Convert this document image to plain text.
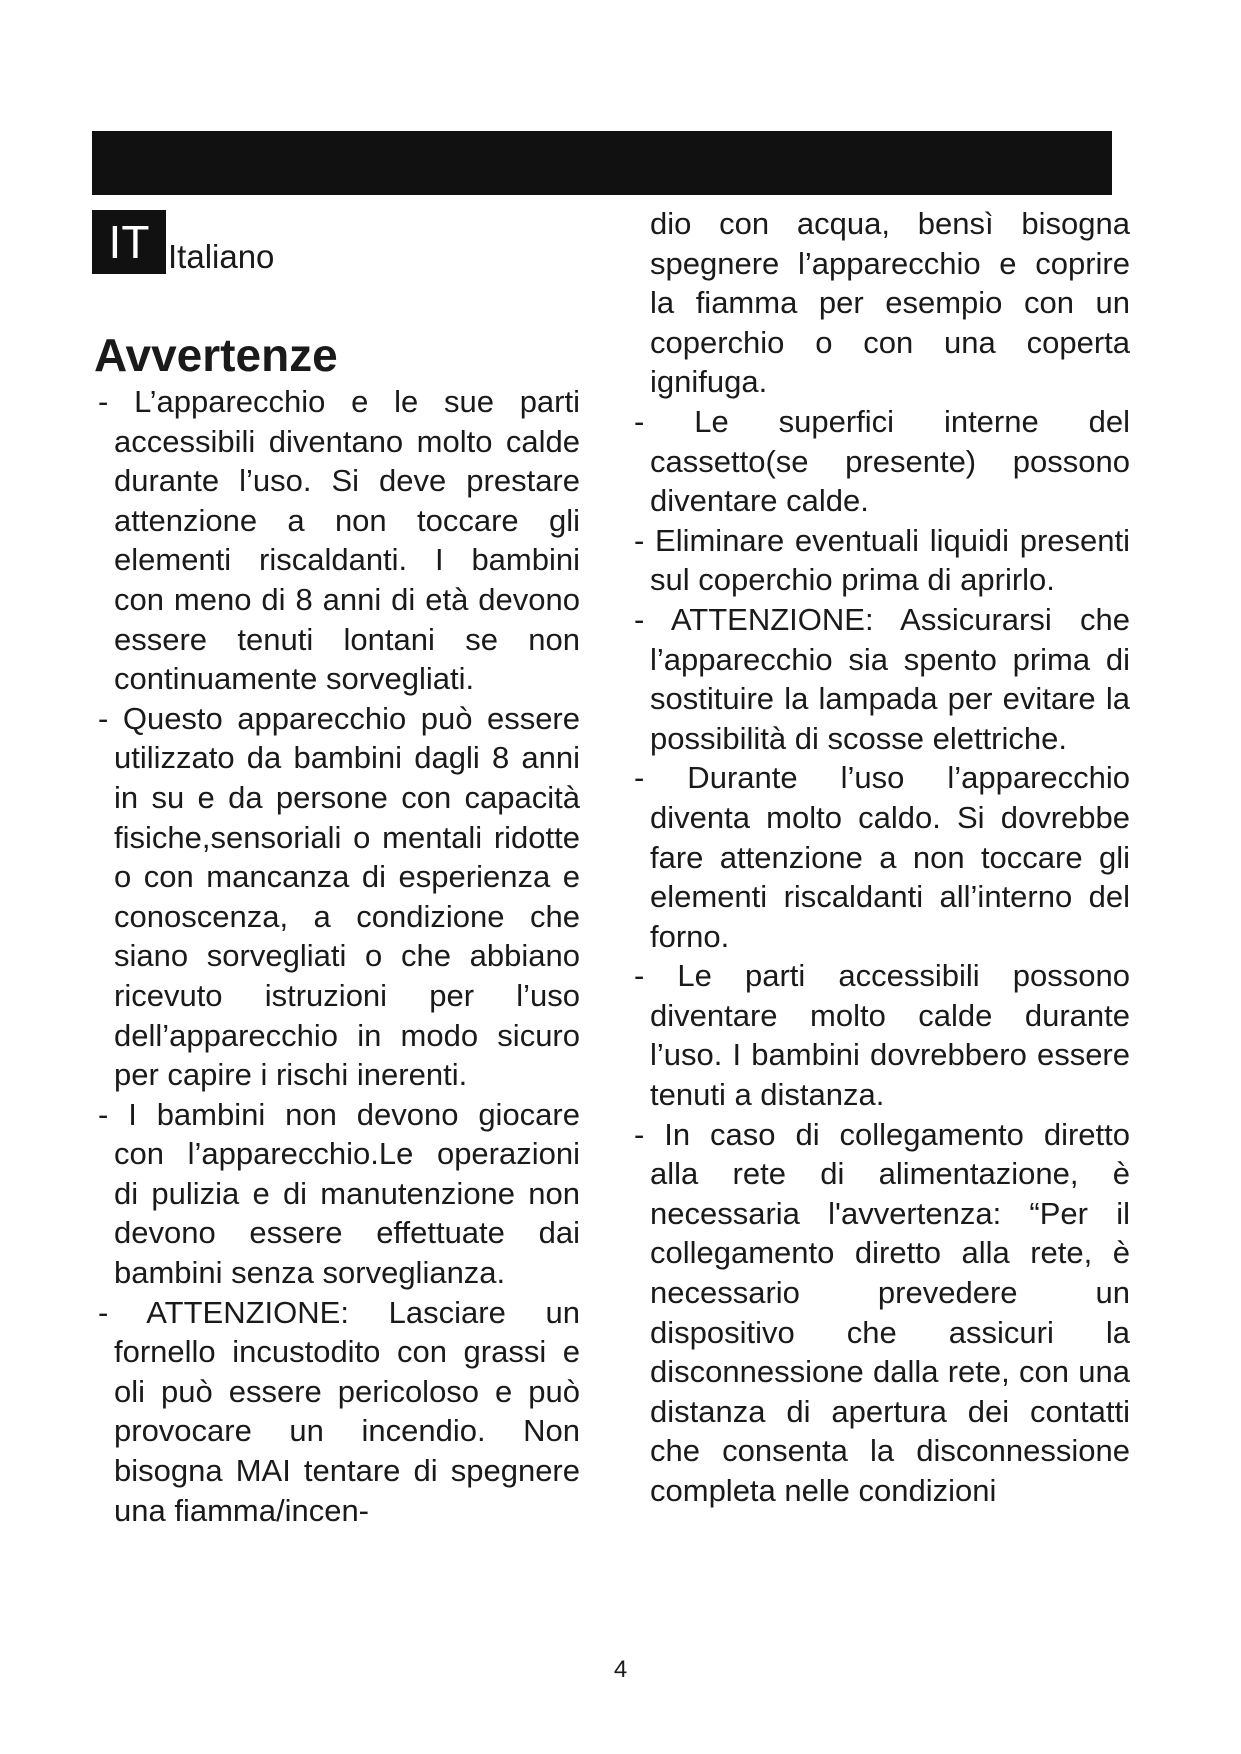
IT Italiano
Avvertenze

- L’apparecchio e le sue parti accessibili diventano molto calde durante l’uso. Si deve prestare attenzione a non toccare gli elementi riscaldanti. I bambini con meno di 8 anni di età devono essere tenuti lontani se non continuamente sorvegliati.

- Questo apparecchio può essere utilizzato da bambini dagli 8 anni in su e da persone con capacità fisiche,sensoriali o mentali ridotte o con mancanza di esperienza e conoscenza, a condizione che siano sorvegliati o che abbiano ricevuto istruzioni per l’uso dell’apparecchio in modo sicuro per capire i rischi inerenti.

- I bambini non devono giocare con l’apparecchio.Le operazioni di pulizia e di manutenzione non devono essere effettuate dai bambini senza sorveglianza.

- ATTENZIONE: Lasciare un fornello incustodito con grassi e oli può essere pericoloso e può provocare un incendio. Non bisogna MAI tentare di spegnere una fiamma/incen-

dio con acqua, bensì bisogna spegnere l’apparecchio e coprire la fiamma per esempio con un coperchio o con una coperta ignifuga.

- Le superfici interne del cassetto(se presente) possono diventare calde.

- Eliminare eventuali liquidi presenti sul coperchio prima di aprirlo.

- ATTENZIONE: Assicurarsi che l’apparecchio sia spento prima di sostituire la lampada per evitare la possibilità di scosse elettriche.

- Durante l’uso l’apparecchio diventa molto caldo. Si dovrebbe fare attenzione a non toccare gli elementi riscaldanti all’interno del forno.

- Le parti accessibili possono diventare molto calde durante l’uso. I bambini dovrebbero essere tenuti a distanza.

- In caso di collegamento diretto alla rete di alimentazione, è necessaria l'avvertenza: “Per il collegamento diretto alla rete, è necessario prevedere un dispositivo che assicuri la disconnessione dalla rete, con una distanza di apertura dei contatti che consenta la disconnessione completa nelle condizioni

4
